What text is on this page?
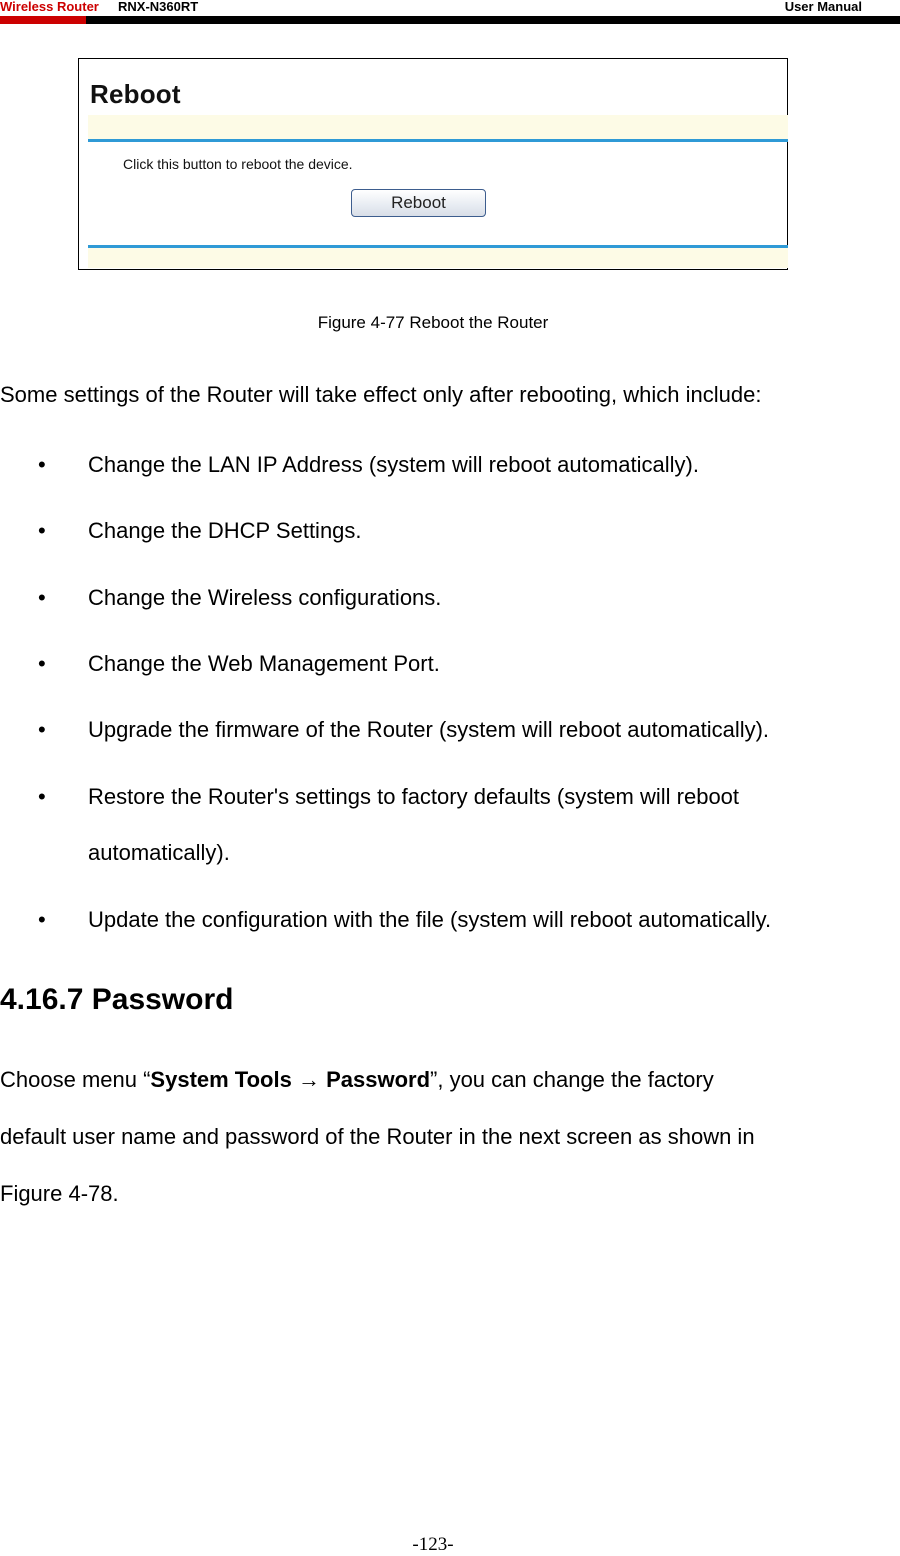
Wireless Router RNX-N360RT	User Manual
Reboot
Click this button to reboot the device.
Reboot
Figure 4-77 Reboot the Router
Some settings of the Router will take effect only after rebooting, which include:
• Change the LAN IP Address (system will reboot automatically).
• Change the DHCP Settings.
• Change the Wireless configurations.
• Change the Web Management Port.
• Upgrade the firmware of the Router (system will reboot automatically).
• Restore the Router's settings to factory defaults (system will reboot
automatically).
• Update the configuration with the file (system will reboot automatically.
4.16.7 Password
Choose menu “System Tools → Password”, you can change the factory
default user name and password of the Router in the next screen as shown in
Figure 4-78.
-123-
